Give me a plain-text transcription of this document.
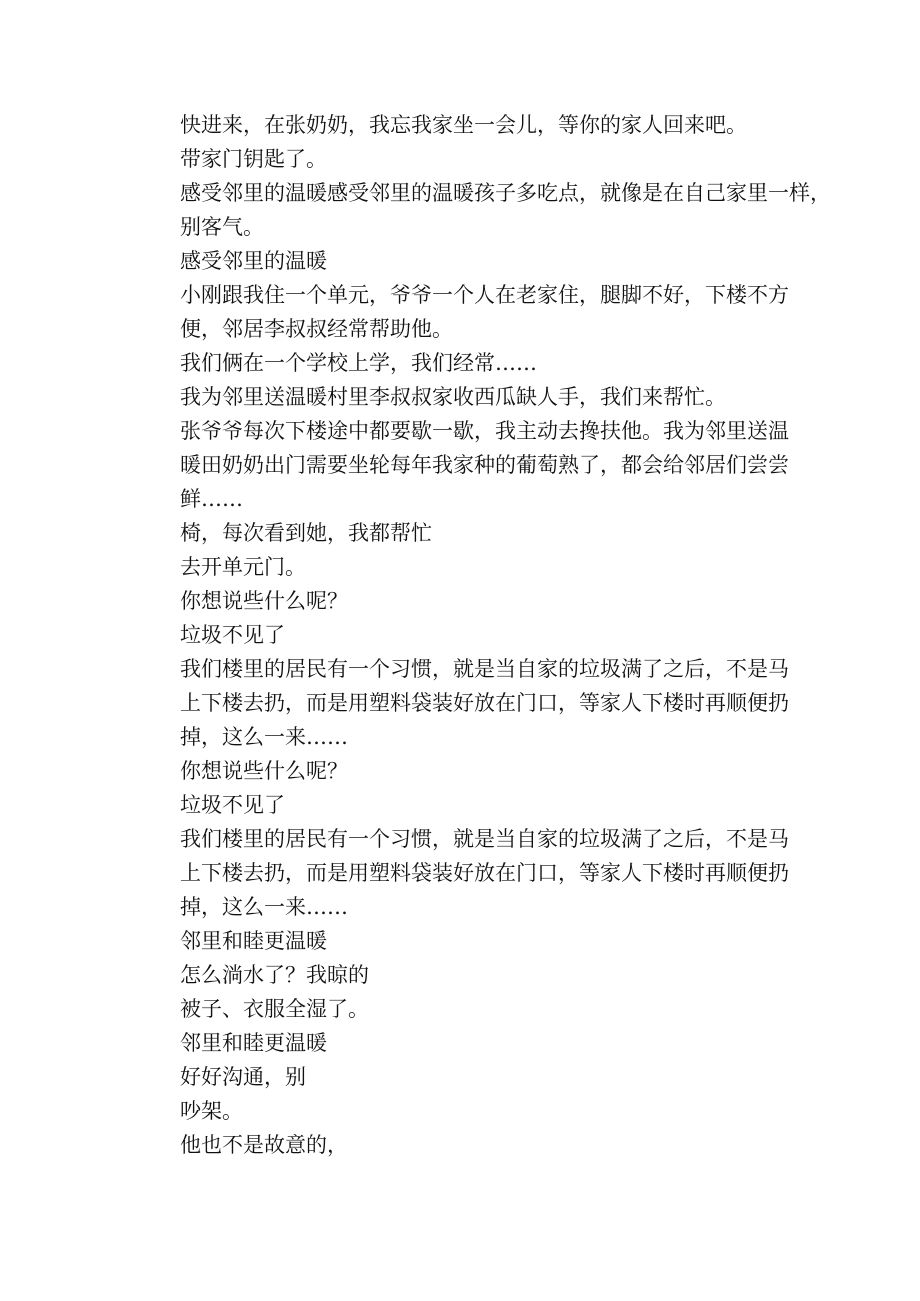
快进来，在张奶奶，我忘我家坐一会儿，等你的家人回来吧。
带家门钥匙了。
感受邻里的温暖感受邻里的温暖孩子多吃点，就像是在自己家里一样，
别客气。
感受邻里的温暖
小刚跟我住一个单元，爷爷一个人在老家住，腿脚不好，下楼不方
便，邻居李叔叔经常帮助他。
我们俩在一个学校上学，我们经常……
我为邻里送温暖村里李叔叔家收西瓜缺人手，我们来帮忙。
张爷爷每次下楼途中都要歇一歇，我主动去搀扶他。我为邻里送温
暖田奶奶出门需要坐轮每年我家种的葡萄熟了，都会给邻居们尝尝
鲜……
椅，每次看到她，我都帮忙
去开单元门。
你想说些什么呢？
垃圾不见了
我们楼里的居民有一个习惯，就是当自家的垃圾满了之后，不是马
上下楼去扔，而是用塑料袋装好放在门口，等家人下楼时再顺便扔
掉，这么一来……
你想说些什么呢？
垃圾不见了
我们楼里的居民有一个习惯，就是当自家的垃圾满了之后，不是马
上下楼去扔，而是用塑料袋装好放在门口，等家人下楼时再顺便扔
掉，这么一来……
邻里和睦更温暖
怎么淌水了？我晾的
被子、衣服全湿了。
邻里和睦更温暖
好好沟通，别
吵架。
他也不是故意的，
